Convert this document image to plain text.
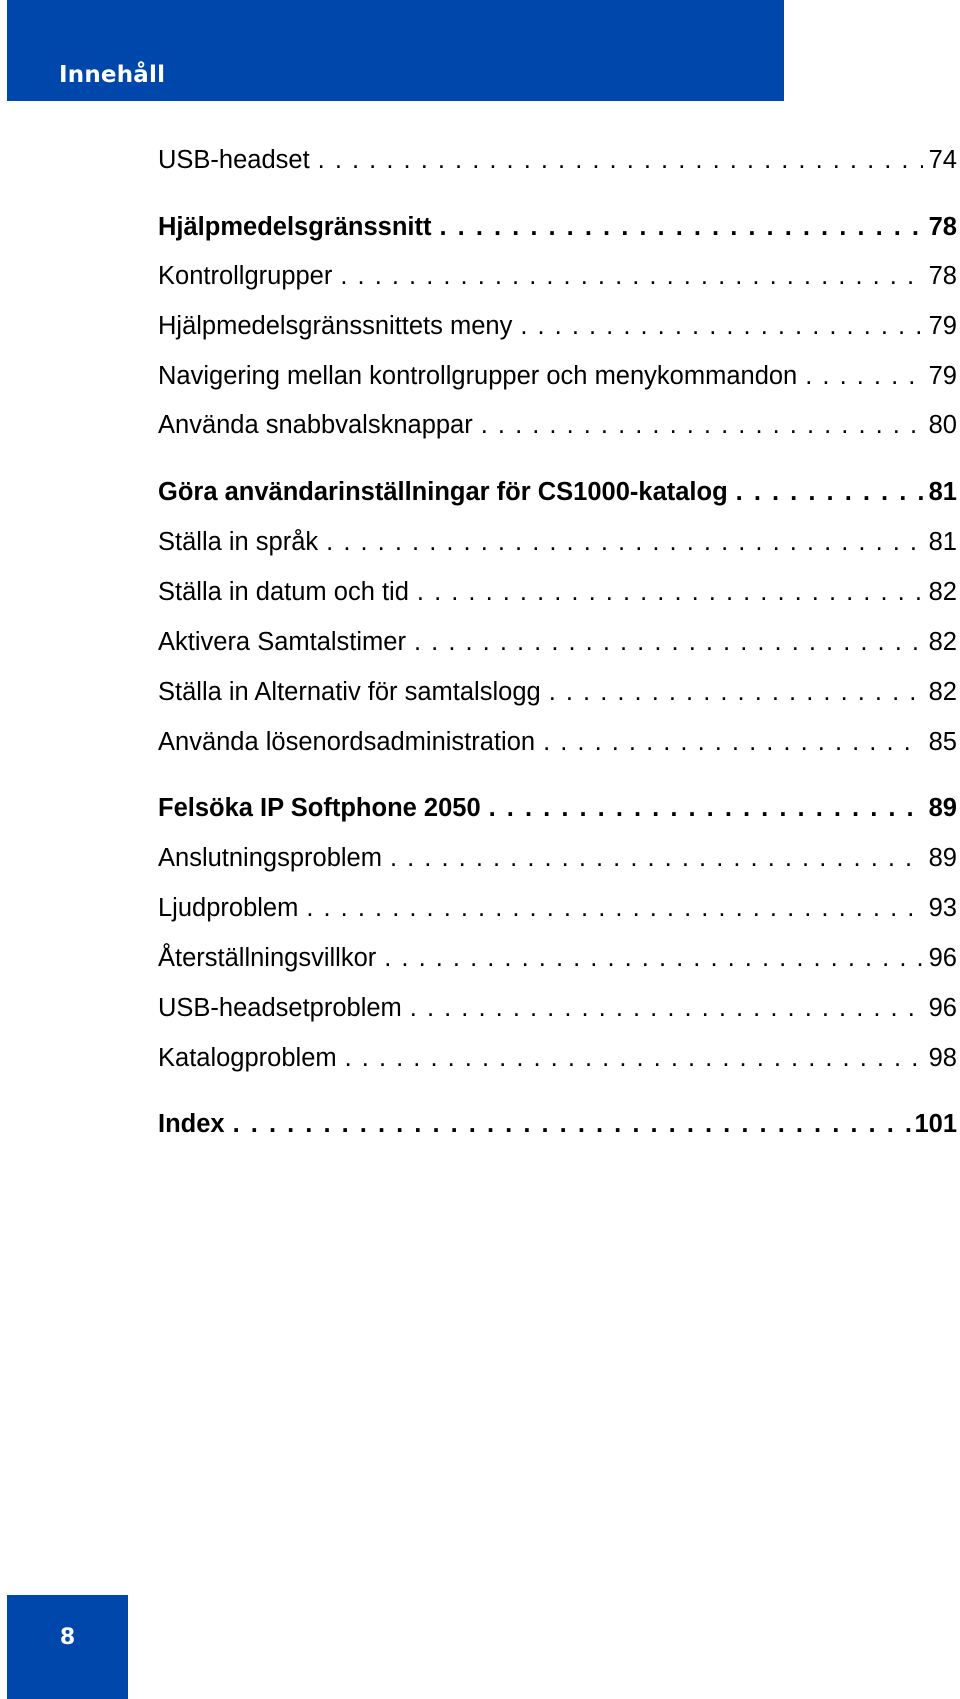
Innehåll
USB-headset . . .	74
Hjälpmedelsgränssnitt . . .	78
Kontrollgrupper . . .	78
Hjälpmedelsgränssnittets meny . . .	79
Navigering mellan kontrollgrupper och menykommandon . . .	79
Använda snabbvalsknappar . . .	80
Göra användarinställningar för CS1000-katalog . . .	81
Ställa in språk . . .	81
Ställa in datum och tid . . .	82
Aktivera Samtalstimer . . .	82
Ställa in Alternativ för samtalslogg . . .	82
Använda lösenordsadministration . . .	85
Felsöka IP Softphone 2050 . . .	89
Anslutningsproblem . . .	89
Ljudproblem . . .	93
Återställningsvillkor . . .	96
USB-headsetproblem . . .	96
Katalogproblem . . .	98
Index . . .	101
8
